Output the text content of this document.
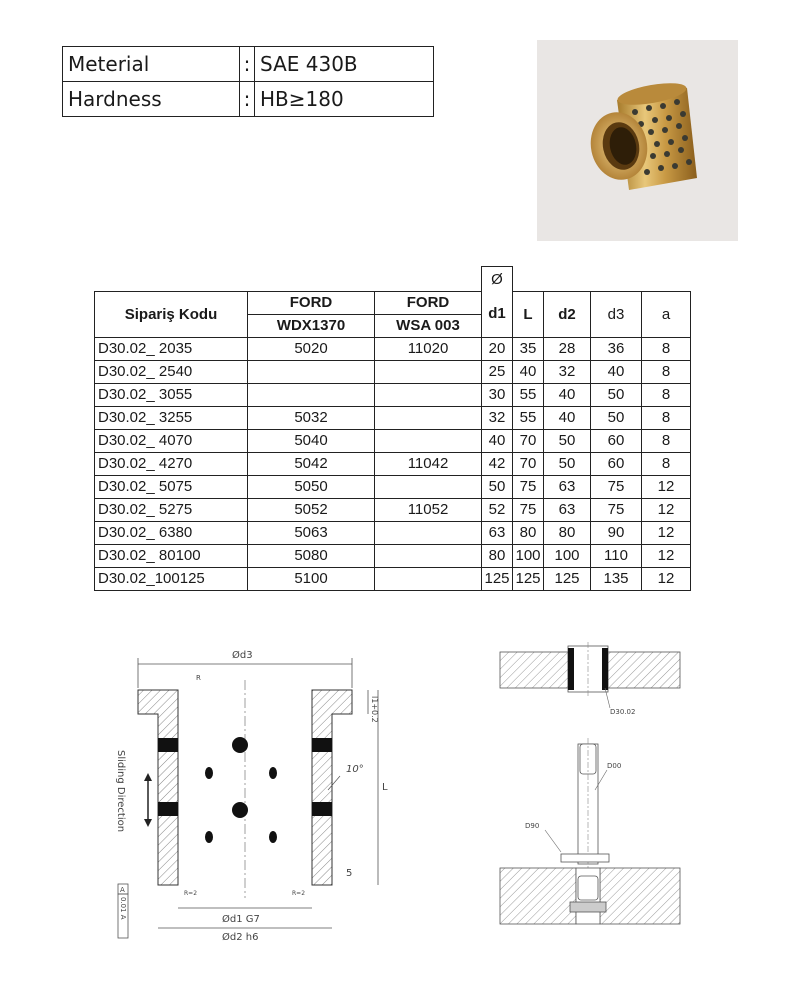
Meterial	:	SAE 430B
Hardness	:	HB≥180
			Ø				
Sipariş Kodu	FORD	FORD	d1	L	d2	d3	a
	WDX1370	WSA 003					
D30.02_ 2035	5020	11020	20	35	28	36	8
D30.02_ 2540			25	40	32	40	8
D30.02_ 3055			30	55	40	50	8
D30.02_ 3255	5032		32	55	40	50	8
D30.02_ 4070	5040		40	70	50	60	8
D30.02_ 4270	5042	11042	42	70	50	60	8
D30.02_ 5075	5050		50	75	63	75	12
D30.02_ 5275	5052	11052	52	75	63	75	12
D30.02_ 6380	5063		63	80	80	90	12
D30.02_ 80100	5080		80	100	100	110	12
D30.02_100125	5100		125	125	125	135	12
Ød3
R
Sliding Direction
l1+0.2
L
10°
5
R=2	R=2
Ød1 G7
Ød2 h6
A
0.01 A
D30.02
D00
D90
